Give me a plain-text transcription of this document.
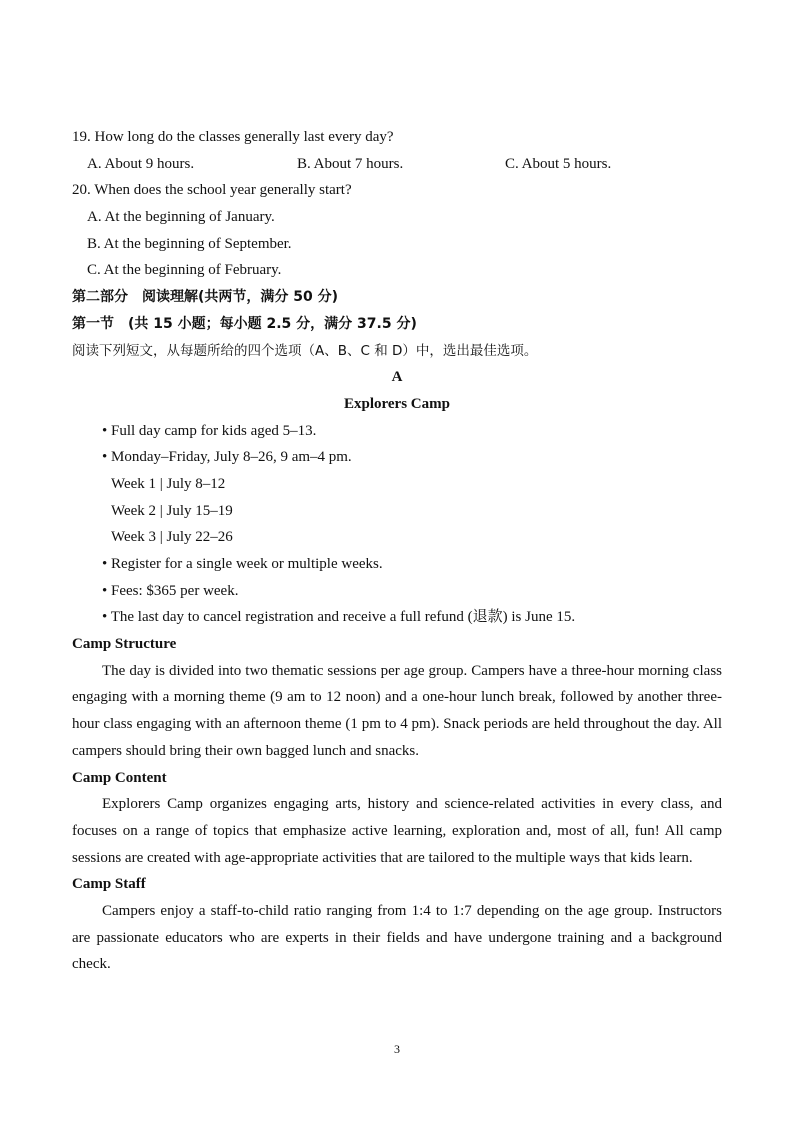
19. How long do the classes generally last every day?
A. About 9 hours.	B. About 7 hours.	C. About 5 hours.
20. When does the school year generally start?
A. At the beginning of January.
B. At the beginning of September.
C. At the beginning of February.
第二部分　阅读理解(共两节，满分 50 分)
第一节　(共 15 小题；每小题 2.5 分，满分 37.5 分)
阅读下列短文，从每题所给的四个选项（A、B、C 和 D）中，选出最佳选项。
A
Explorers Camp
• Full day camp for kids aged 5–13.
• Monday–Friday, July 8–26, 9 am–4 pm.
Week 1 | July 8–12
Week 2 | July 15–19
Week 3 | July 22–26
• Register for a single week or multiple weeks.
• Fees: $365 per week.
• The last day to cancel registration and receive a full refund (退款) is June 15.
Camp Structure

The day is divided into two thematic sessions per age group. Campers have a three-hour morning class engaging with a morning theme (9 am to 12 noon) and a one-hour lunch break, followed by another three-hour class engaging with an afternoon theme (1 pm to 4 pm). Snack periods are held throughout the day. All campers should bring their own bagged lunch and snacks.

Camp Content

Explorers Camp organizes engaging arts, history and science-related activities in every class, and focuses on a range of topics that emphasize active learning, exploration and, most of all, fun! All camp sessions are created with age-appropriate activities that are tailored to the multiple ways that kids learn.

Camp Staff

Campers enjoy a staff-to-child ratio ranging from 1:4 to 1:7 depending on the age group. Instructors are passionate educators who are experts in their fields and have undergone training and a background check.

3
